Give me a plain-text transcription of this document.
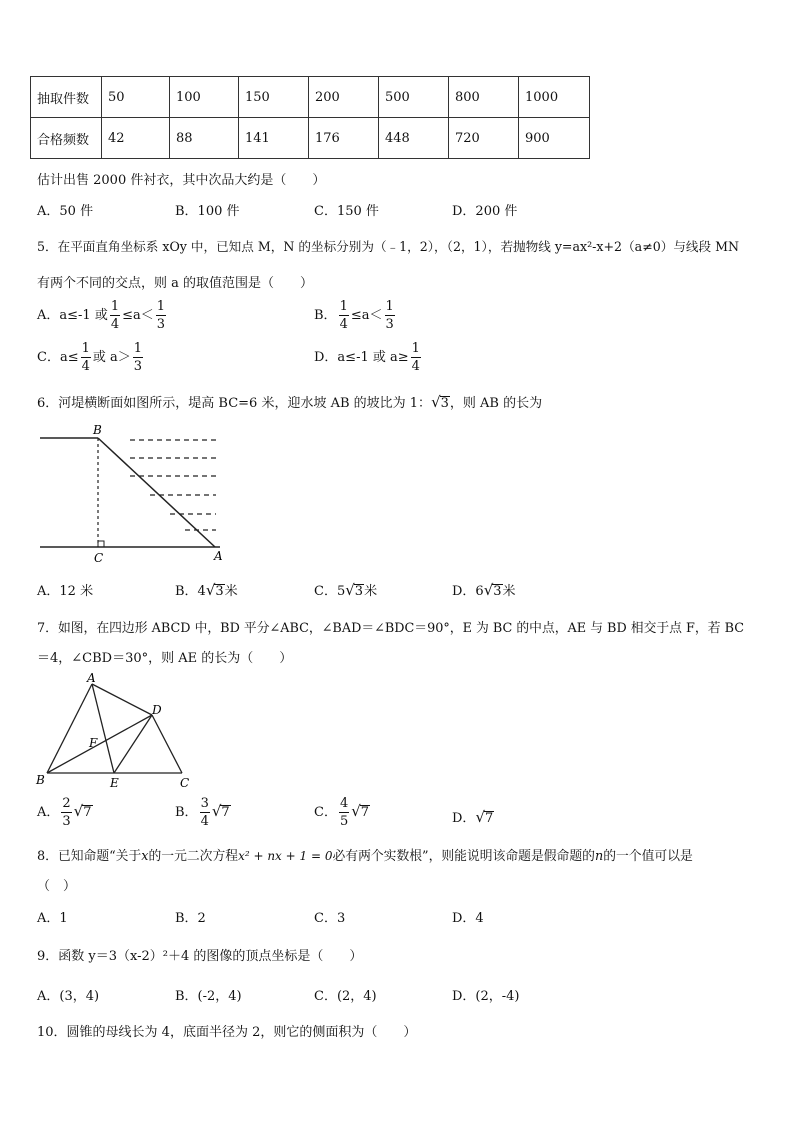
抽取件数	50	100	150	200	500	800	1000
合格频数	42	88	141	176	448	720	900
估计出售 2000 件衬衣，其中次品大约是（　　）
A．50 件	B．100 件	C．150 件	D．200 件
5．在平面直角坐标系 xOy 中，已知点 M，N 的坐标分别为（﹣1，2），（2，1），若抛物线 y=ax²-x+2（a≠0）与线段 MN
有两个不同的交点，则 a 的取值范围是（　　）
A．a≤-1 或 $\frac{1}{4} \le a< \frac{1}{3}$	B． $\frac{1}{4} \le a< \frac{1}{3}$
C．$a\le \frac{1}{4}$ 或 $a> \frac{1}{3}$	D．a≤-1 或 $a\ge \frac{1}{4}$
6．河堤横断面如图所示，堤高 BC=6 米，迎水坡 AB 的坡比为 1：√3，则 AB 的长为
B
C	A
A．12 米	B．4√3米	C．5√3米	D．6√3米
7．如图，在四边形 ABCD 中，BD 平分∠ABC，∠BAD＝∠BDC＝90°，E 为 BC 的中点，AE 与 BD 相交于点 F，若 BC
＝4，∠CBD＝30°，则 AE 的长为（　　）
A
D
F
B	E	C
A． $\frac{2}{3} √7$	B． $\frac{3}{4} √7$	C． $\frac{4}{5} √7$	D．√7
8．已知命题“关于x的一元二次方程x² + nx + 1 = 0必有两个实数根”，则能说明该命题是假命题的n的一个值可以是
（　）
A．1	B．2	C．3	D．4
9．函数 y＝3（x-2）²＋4 的图像的顶点坐标是（　　）
A．(3，4)	B．(-2，4)	C．(2，4)	D．(2，-4)
10．圆锥的母线长为 4，底面半径为 2，则它的侧面积为（　　）
